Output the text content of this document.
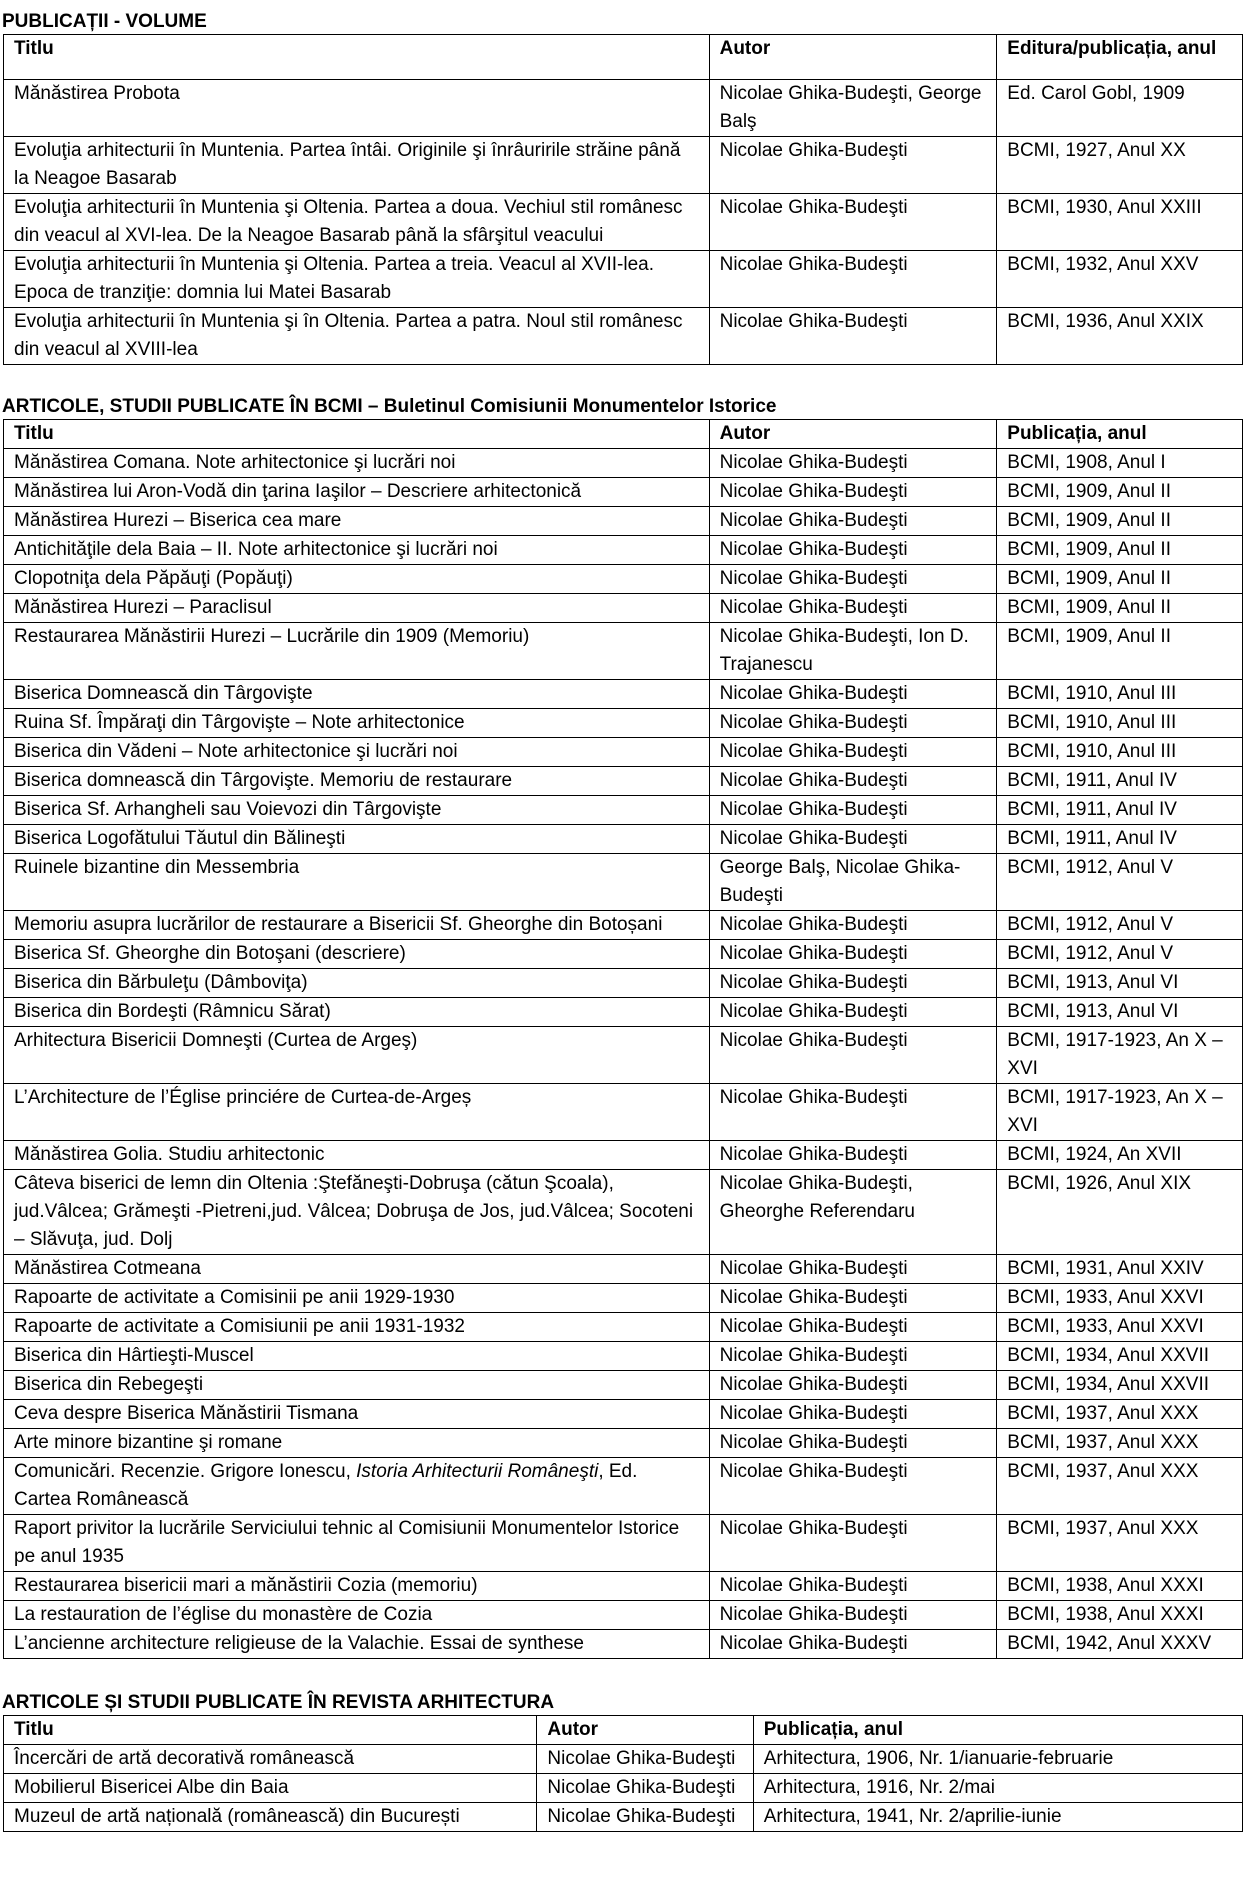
PUBLICAȚII - VOLUME
Titlu	Autor	Editura/publicația, anul
Mănăstirea Probota	Nicolae Ghika-Budeşti, George Balş	Ed. Carol Gobl, 1909
Evoluţia arhitecturii în Muntenia. Partea întâi. Originile şi înrâuririle străine până la Neagoe Basarab	Nicolae Ghika-Budeşti	BCMI, 1927, Anul XX
Evoluţia arhitecturii în Muntenia şi Oltenia. Partea a doua. Vechiul stil românesc din veacul al XVI-lea. De la Neagoe Basarab până la sfârşitul veacului	Nicolae Ghika-Budeşti	BCMI, 1930, Anul XXIII
Evoluţia arhitecturii în Muntenia şi Oltenia. Partea a treia. Veacul al XVII-lea. Epoca de tranziţie: domnia lui Matei Basarab	Nicolae Ghika-Budeşti	BCMI, 1932, Anul XXV
Evoluţia arhitecturii în Muntenia şi în Oltenia. Partea a patra. Noul stil românesc din veacul al XVIII-lea	Nicolae Ghika-Budeşti	BCMI, 1936, Anul XXIX
ARTICOLE, STUDII PUBLICATE ÎN BCMI – Buletinul Comisiunii Monumentelor Istorice
Titlu	Autor	Publicația, anul
Mănăstirea Comana. Note arhitectonice şi lucrări noi	Nicolae Ghika-Budeşti	BCMI, 1908, Anul I
Mănăstirea lui Aron-Vodă din ţarina Iaşilor – Descriere arhitectonică	Nicolae Ghika-Budeşti	BCMI, 1909, Anul II
Mănăstirea Hurezi – Biserica cea mare	Nicolae Ghika-Budeşti	BCMI, 1909, Anul II
Antichităţile dela Baia – II. Note arhitectonice şi lucrări noi	Nicolae Ghika-Budeşti	BCMI, 1909, Anul II
Clopotniţa dela Păpăuţi (Popăuţi)	Nicolae Ghika-Budeşti	BCMI, 1909, Anul II
Mănăstirea Hurezi – Paraclisul	Nicolae Ghika-Budeşti	BCMI, 1909, Anul II
Restaurarea Mănăstirii Hurezi – Lucrările din 1909 (Memoriu)	Nicolae Ghika-Budeşti, Ion D. Trajanescu	BCMI, 1909, Anul II
Biserica Domnească din Târgovişte	Nicolae Ghika-Budeşti	BCMI, 1910, Anul III
Ruina Sf. Împăraţi din Târgovişte – Note arhitectonice	Nicolae Ghika-Budeşti	BCMI, 1910, Anul III
Biserica din Vădeni – Note arhitectonice şi lucrări noi	Nicolae Ghika-Budeşti	BCMI, 1910, Anul III
Biserica domnească din Târgovişte. Memoriu de restaurare	Nicolae Ghika-Budeşti	BCMI, 1911, Anul IV
Biserica Sf. Arhangheli sau Voievozi din Târgovişte	Nicolae Ghika-Budeşti	BCMI, 1911, Anul IV
Biserica Logofătului Tăutul din Bălineşti	Nicolae Ghika-Budeşti	BCMI, 1911, Anul IV
Ruinele bizantine din Messembria	George Balş, Nicolae Ghika-Budeşti	BCMI, 1912, Anul V
Memoriu asupra lucrărilor de restaurare a Bisericii Sf. Gheorghe din Botoșani	Nicolae Ghika-Budeşti	BCMI, 1912, Anul V
Biserica Sf. Gheorghe din Botoşani (descriere)	Nicolae Ghika-Budeşti	BCMI, 1912, Anul V
Biserica din Bărbuleţu (Dâmboviţa)	Nicolae Ghika-Budeşti	BCMI, 1913, Anul VI
Biserica din Bordeşti (Râmnicu Sărat)	Nicolae Ghika-Budeşti	BCMI, 1913, Anul VI
Arhitectura Bisericii Domneşti (Curtea de Argeş)	Nicolae Ghika-Budeşti	BCMI, 1917-1923, An X – XVI
L’Architecture de l’Église princiére de Curtea-de-Argeș	Nicolae Ghika-Budeşti	BCMI, 1917-1923, An X – XVI
Mănăstirea Golia. Studiu arhitectonic	Nicolae Ghika-Budeşti	BCMI, 1924, An XVII
Câteva biserici de lemn din Oltenia :Ştefăneşti-Dobruşa (cătun Şcoala), jud.Vâlcea; Grămeşti -Pietreni,jud. Vâlcea; Dobruşa de Jos, jud.Vâlcea; Socoteni – Slăvuţa, jud. Dolj	Nicolae Ghika-Budeşti, Gheorghe Referendaru	BCMI, 1926, Anul XIX
Mănăstirea Cotmeana	Nicolae Ghika-Budeşti	BCMI, 1931, Anul XXIV
Rapoarte de activitate a Comisinii pe anii 1929-1930	Nicolae Ghika-Budeşti	BCMI, 1933, Anul XXVI
Rapoarte de activitate a Comisiunii pe anii 1931-1932	Nicolae Ghika-Budeşti	BCMI, 1933, Anul XXVI
Biserica din Hârtieşti-Muscel	Nicolae Ghika-Budeşti	BCMI, 1934, Anul XXVII
Biserica din Rebegeşti	Nicolae Ghika-Budeşti	BCMI, 1934, Anul XXVII
Ceva despre Biserica Mănăstirii Tismana	Nicolae Ghika-Budeşti	BCMI, 1937, Anul XXX
Arte minore bizantine şi romane	Nicolae Ghika-Budeşti	BCMI, 1937, Anul XXX
Comunicări. Recenzie. Grigore Ionescu, Istoria Arhitecturii Româneşti, Ed. Cartea Românească	Nicolae Ghika-Budeşti	BCMI, 1937, Anul XXX
Raport privitor la lucrările Serviciului tehnic al Comisiunii Monumentelor Istorice pe anul 1935	Nicolae Ghika-Budeşti	BCMI, 1937, Anul XXX
Restaurarea bisericii mari a mănăstirii Cozia (memoriu)	Nicolae Ghika-Budeşti	BCMI, 1938, Anul XXXI
La restauration de l’église du monastère de Cozia	Nicolae Ghika-Budeşti	BCMI, 1938, Anul XXXI
L’ancienne architecture religieuse de la Valachie. Essai de synthese	Nicolae Ghika-Budeşti	BCMI, 1942, Anul XXXV
ARTICOLE ȘI STUDII PUBLICATE ÎN REVISTA ARHITECTURA
Titlu	Autor	Publicația, anul
Încercări de artă decorativă românească	Nicolae Ghika-Budeşti	Arhitectura, 1906, Nr. 1/ianuarie-februarie
Mobilierul Bisericei Albe din Baia	Nicolae Ghika-Budeşti	Arhitectura, 1916, Nr. 2/mai
Muzeul de artă națională (românească) din București	Nicolae Ghika-Budeşti	Arhitectura, 1941, Nr. 2/aprilie-iunie
